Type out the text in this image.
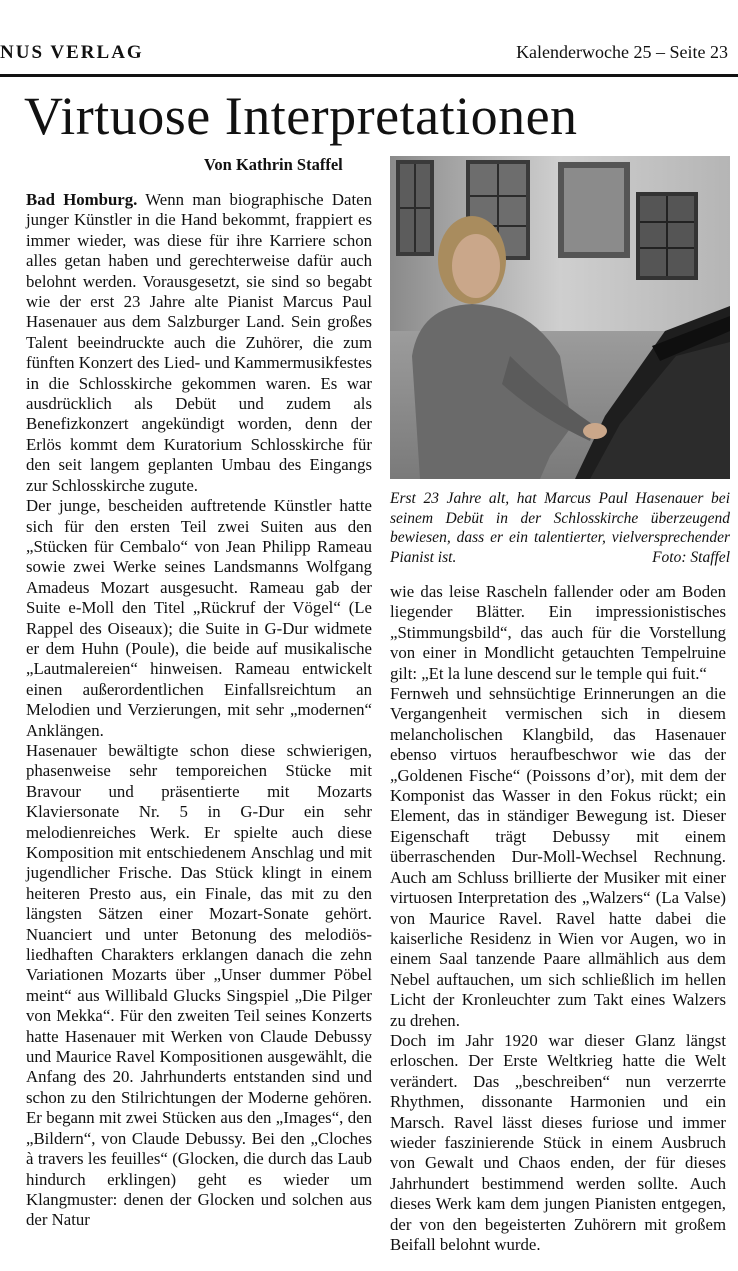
NUS VERLAG	Kalenderwoche 25 – Seite 23
Virtuose Interpretationen
Von Kathrin Staffel

Bad Homburg. Wenn man biographische Daten junger Künstler in die Hand bekommt, frappiert es immer wieder, was diese für ihre Karriere schon alles getan haben und gerechterweise dafür auch belohnt werden. Vorausgesetzt, sie sind so begabt wie der erst 23 Jahre alte Pianist Marcus Paul Hasenauer aus dem Salzburger Land. Sein großes Talent beeindruckte auch die Zuhörer, die zum fünften Konzert des Lied- und Kammermusikfestes in die Schlosskirche gekommen waren. Es war ausdrücklich als Debüt und zudem als Benefizkonzert angekündigt worden, denn der Erlös kommt dem Kuratorium Schlosskirche für den seit langem geplanten Umbau des Eingangs zur Schlosskirche zugute.

Der junge, bescheiden auftretende Künstler hatte sich für den ersten Teil zwei Suiten aus den „Stücken für Cembalo“ von Jean Philipp Rameau sowie zwei Werke seines Landsmanns Wolfgang Amadeus Mozart ausgesucht. Rameau gab der Suite e-Moll den Titel „Rückruf der Vögel“ (Le Rappel des Oiseaux); die Suite in G-Dur widmete er dem Huhn (Poule), die beide auf musikalische „Lautmalereien“ hinweisen. Rameau entwickelt einen außerordentlichen Einfallsreichtum an Melodien und Verzierungen, mit sehr „modernen“ Anklängen.

Hasenauer bewältigte schon diese schwierigen, phasenweise sehr temporeichen Stücke mit Bravour und präsentierte mit Mozarts Klaviersonate Nr. 5 in G-Dur ein sehr melodienreiches Werk. Er spielte auch diese Komposition mit entschiedenem Anschlag und mit jugendlicher Frische. Das Stück klingt in einem heiteren Presto aus, ein Finale, das mit zu den längsten Sätzen einer Mozart-Sonate gehört. Nuanciert und unter Betonung des melodiös-liedhaften Charakters erklangen danach die zehn Variationen Mozarts über „Unser dummer Pöbel meint“ aus Willibald Glucks Singspiel „Die Pilger von Mekka“. Für den zweiten Teil seines Konzerts hatte Hasenauer mit Werken von Claude Debussy und Maurice Ravel Kompositionen ausgewählt, die Anfang des 20. Jahrhunderts entstanden sind und schon zu den Stilrichtungen der Moderne gehören. Er begann mit zwei Stücken aus den „Images“, den „Bildern“, von Claude Debussy. Bei den „Cloches à travers les feuilles“ (Glocken, die durch das Laub hindurch erklingen) geht es wieder um Klangmuster: denen der Glocken und solchen aus der Natur

Erst 23 Jahre alt, hat Marcus Paul Hasenauer bei seinem Debüt in der Schlosskirche überzeugend bewiesen, dass er ein talentierter, vielversprechender Pianist ist.	Foto: Staffel

wie das leise Rascheln fallender oder am Boden liegender Blätter. Ein impressionistisches „Stimmungsbild“, das auch für die Vorstellung von einer in Mondlicht getauchten Tempelruine gilt: „Et la lune descend sur le temple qui fuit.“

Fernweh und sehnsüchtige Erinnerungen an die Vergangenheit vermischen sich in diesem melancholischen Klangbild, das Hasenauer ebenso virtuos heraufbeschwor wie das der „Goldenen Fische“ (Poissons d’or), mit dem der Komponist das Wasser in den Fokus rückt; ein Element, das in ständiger Bewegung ist. Dieser Eigenschaft trägt Debussy mit einem überraschenden Dur-Moll-Wechsel Rechnung. Auch am Schluss brillierte der Musiker mit einer virtuosen Interpretation des „Walzers“ (La Valse) von Maurice Ravel. Ravel hatte dabei die kaiserliche Residenz in Wien vor Augen, wo in einem Saal tanzende Paare allmählich aus dem Nebel auftauchen, um sich schließlich im hellen Licht der Kronleuchter zum Takt eines Walzers zu drehen.

Doch im Jahr 1920 war dieser Glanz längst erloschen. Der Erste Weltkrieg hatte die Welt verändert. Das „beschreiben“ nun verzerrte Rhythmen, dissonante Harmonien und ein Marsch. Ravel lässt dieses furiose und immer wieder faszinierende Stück in einem Ausbruch von Gewalt und Chaos enden, der für dieses Jahrhundert bestimmend werden sollte. Auch dieses Werk kam dem jungen Pianisten entgegen, der von den begeisterten Zuhörern mit großem Beifall belohnt wurde.
